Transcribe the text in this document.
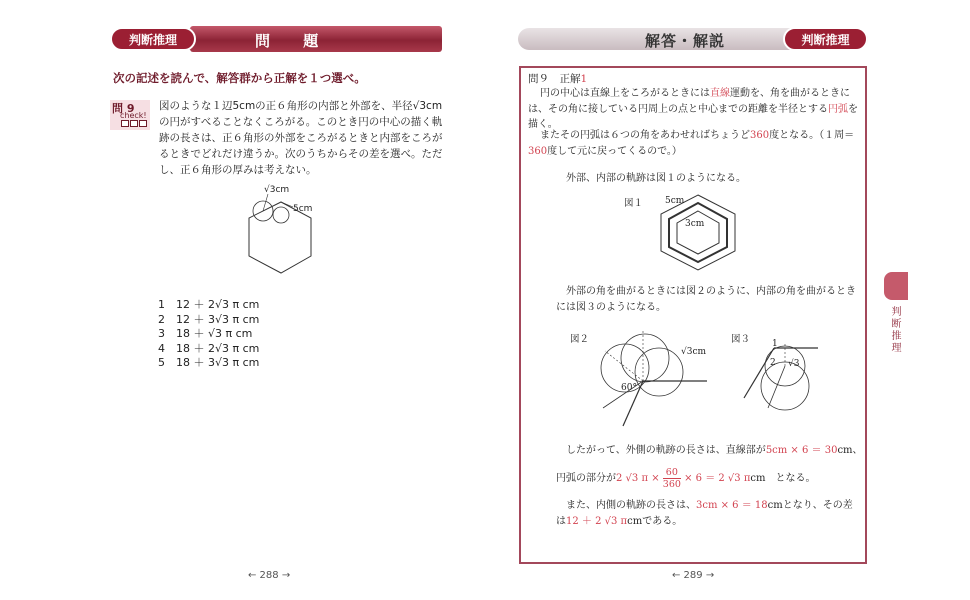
判断推理	問 題
次の記述を読んで、解答群から正解を１つ選べ。
問 9
check!
図のような１辺5cmの正６角形の内部と外部を、半径√3cmの円がすべることなくころがる。このとき円の中心の描く軌跡の長さは、正６角形の外部をころがるときと内部をころがるときでどれだけ違うか。次のうちからその差を選べ。ただし、正６角形の厚みは考えない。
√3cm
5cm
1　 12 ＋ 2√3 π cm
2　 12 ＋ 3√3 π cm
3　 18 ＋ √3 π cm
4　 18 ＋ 2√3 π cm
5　 18 ＋ 3√3 π cm
← 288 →
解答・解説	判断推理
問９　正解1
円の中心は直線上をころがるときには直線運動を、角を曲がるときには、その角に接している円周上の点と中心までの距離を半径とする円弧を描く。
またその円弧は６つの角をあわせればちょうど360度となる。（１周＝360度して元に戻ってくるので。）
外部、内部の軌跡は図１のようになる。
図１ 5cm
3cm
外部の角を曲がるときには図２のように、内部の角を曲がるときには図３のようになる。
図２
√3cm
60°
図３ 1
2 √3
したがって、外側の軌跡の長さは、直線部が5cm × 6 ＝ 30cm、
円弧の部分が2 √3 $\pi \times \frac{60}{360} \times 6 = 2$ √3 πcm　となる。
また、内側の軌跡の長さは、3cm × 6 ＝ 18cmとなり、その差は12 ＋ 2 √3 πcmである。
判断推理
← 289 →
